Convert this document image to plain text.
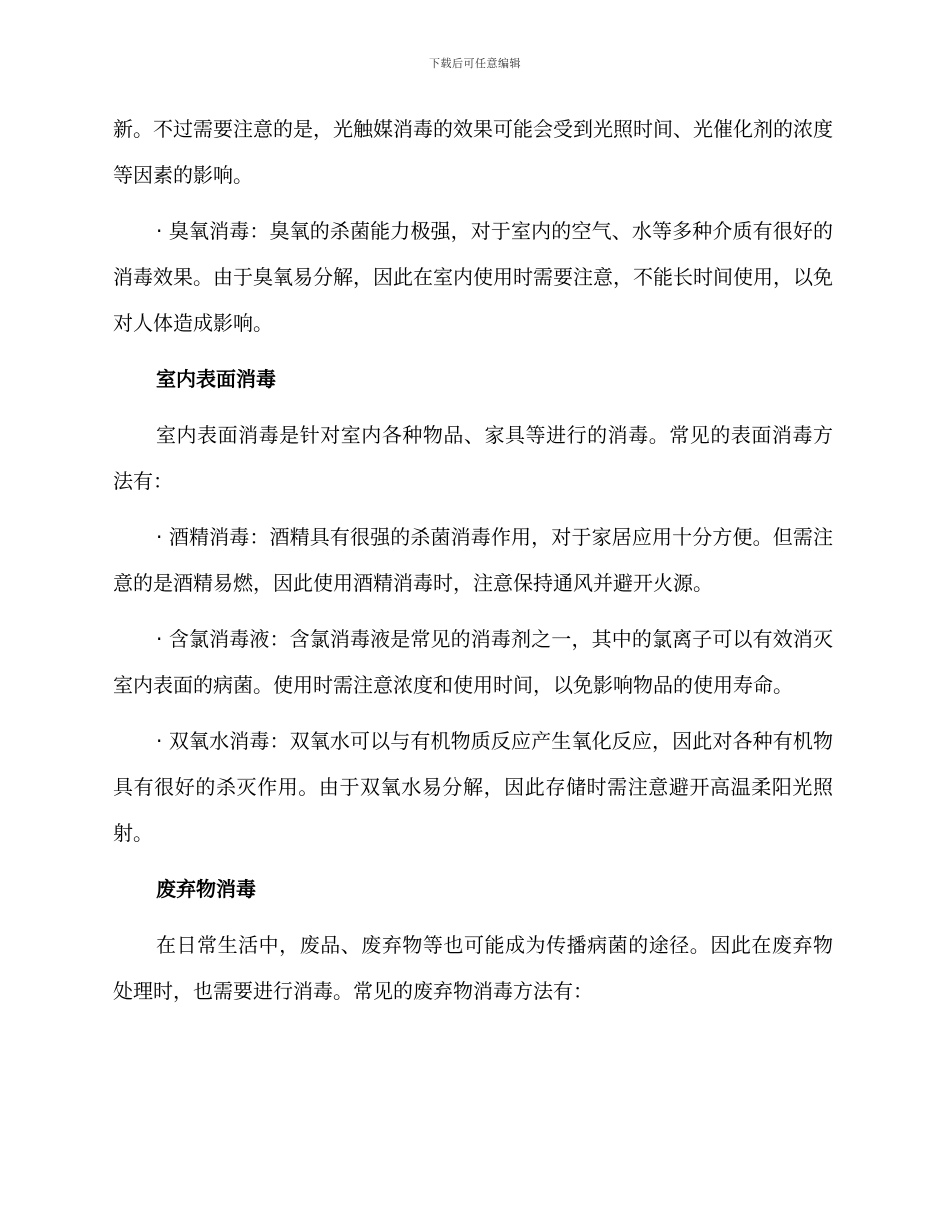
下载后可任意编辑

新。不过需要注意的是，光触媒消毒的效果可能会受到光照时间、光催化剂的浓度等因素的影响。

· 臭氧消毒：臭氧的杀菌能力极强，对于室内的空气、水等多种介质有很好的消毒效果。由于臭氧易分解，因此在室内使用时需要注意，不能长时间使用，以免对人体造成影响。

室内表面消毒

室内表面消毒是针对室内各种物品、家具等进行的消毒。常见的表面消毒方法有：

· 酒精消毒：酒精具有很强的杀菌消毒作用，对于家居应用十分方便。但需注意的是酒精易燃，因此使用酒精消毒时，注意保持通风并避开火源。

· 含氯消毒液：含氯消毒液是常见的消毒剂之一，其中的氯离子可以有效消灭室内表面的病菌。使用时需注意浓度和使用时间，以免影响物品的使用寿命。

· 双氧水消毒：双氧水可以与有机物质反应产生氧化反应，因此对各种有机物具有很好的杀灭作用。由于双氧水易分解，因此存储时需注意避开高温柔阳光照射。

废弃物消毒

在日常生活中，废品、废弃物等也可能成为传播病菌的途径。因此在废弃物处理时，也需要进行消毒。常见的废弃物消毒方法有：
